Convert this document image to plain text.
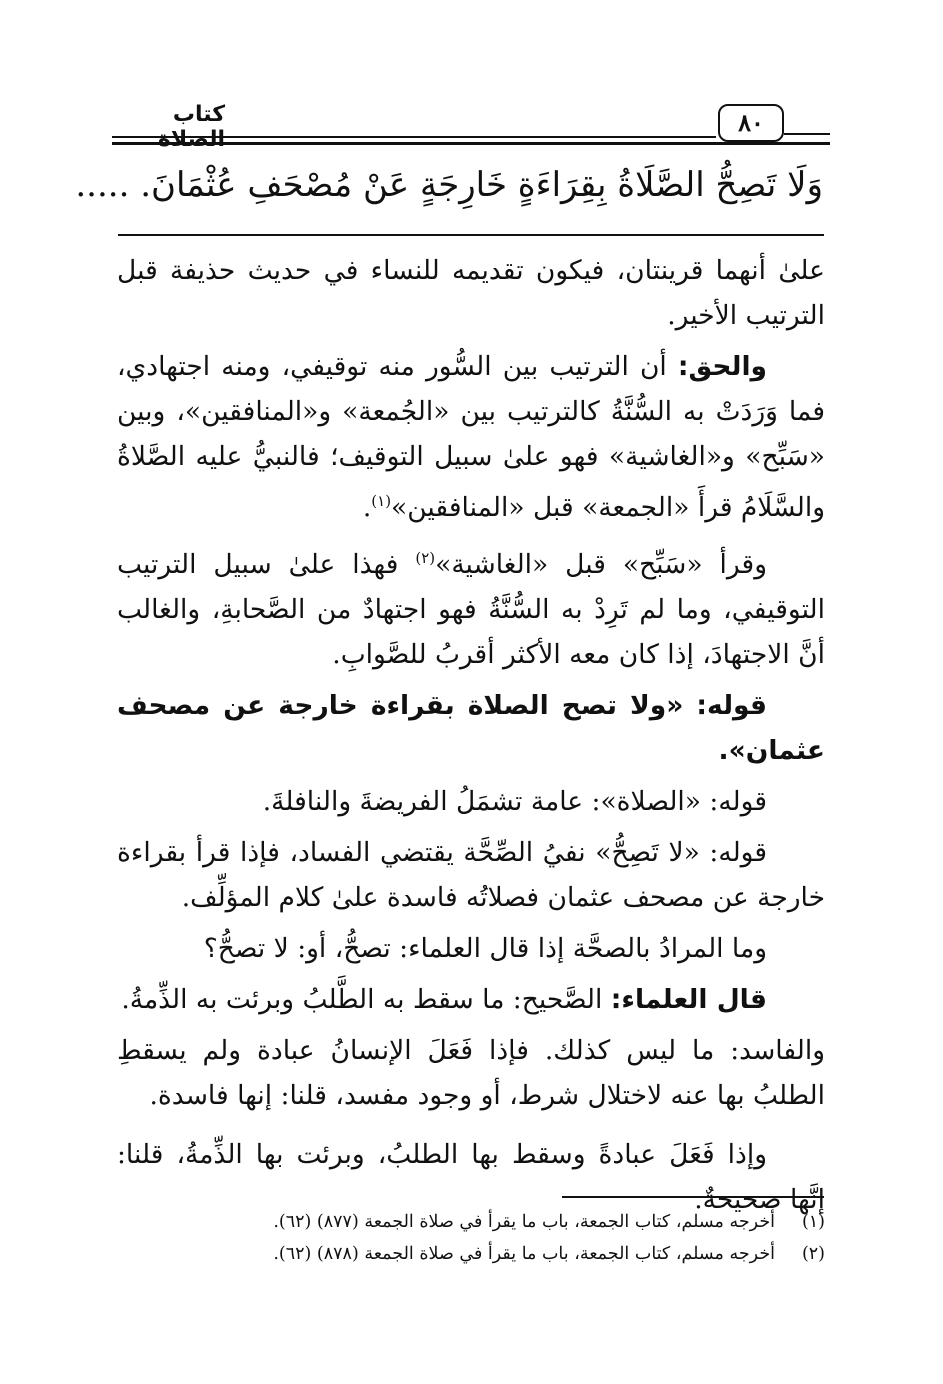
كتاب الصلاة
٨٠
وَلَا تَصِحُّ الصَّلَاةُ بِقِرَاءَةٍ خَارِجَةٍ عَنْ مُصْحَفِ عُثْمَانَ. .....

علىٰ أنهما قرينتان، فيكون تقديمه للنساء في حديث حذيفة قبل الترتيب الأخير.

والحق: أن الترتيب بين السُّور منه توقيفي، ومنه اجتهادي، فما وَرَدَتْ به السُّنَّةُ كالترتيب بين «الجُمعة» و«المنافقين»، وبين «سَبِّح» و«الغاشية» فهو علىٰ سبيل التوقيف؛ فالنبيُّ عليه الصَّلاةُ والسَّلَامُ قرأَ «الجمعة» قبل «المنافقين»$^{(١)}$.

وقرأ «سَبِّح» قبل «الغاشية»$^{(٢)}$ فهذا علىٰ سبيل الترتيب التوقيفي، وما لم تَرِدْ به السُّنَّةُ فهو اجتهادٌ من الصَّحابةِ، والغالب أنَّ الاجتهادَ، إذا كان معه الأكثر أقربُ للصَّوابِ.

قوله: «ولا تصح الصلاة بقراءة خارجة عن مصحف عثمان».

قوله: «الصلاة»: عامة تشمَلُ الفريضةَ والنافلةَ.

قوله: «لا تَصِحُّ» نفيُ الصِّحَّة يقتضي الفساد، فإذا قرأ بقراءة خارجة عن مصحف عثمان فصلاتُه فاسدة علىٰ كلام المؤلِّف.

وما المرادُ بالصحَّة إذا قال العلماء: تصحُّ، أو: لا تصحُّ؟

قال العلماء: الصَّحيح: ما سقط به الطَّلبُ وبرئت به الذِّمةُ.

والفاسد: ما ليس كذلك. فإذا فَعَلَ الإنسانُ عبادة ولم يسقطِ الطلبُ بها عنه لاختلال شرط، أو وجود مفسد، قلنا: إنها فاسدة.

وإذا فَعَلَ عبادةً وسقط بها الطلبُ، وبرئت بها الذِّمةُ، قلنا: إنَّها صحيحةٌ.

(١)أخرجه مسلم، كتاب الجمعة، باب ما يقرأ في صلاة الجمعة (٨٧٧) (٦٢).
(٢)أخرجه مسلم، كتاب الجمعة، باب ما يقرأ في صلاة الجمعة (٨٧٨) (٦٢).
